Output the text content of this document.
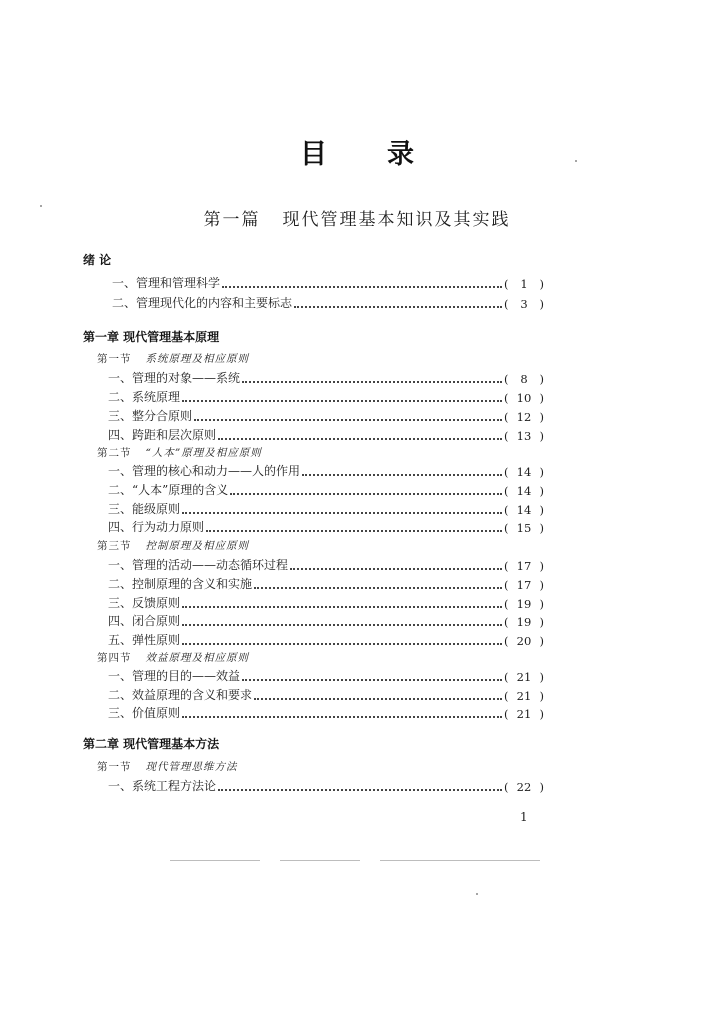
目 录
第一篇 现代管理基本知识及其实践
绪 论
一、管理和管理科学	( 1 )
二、管理现代化的内容和主要标志	( 3 )
第一章 现代管理基本原理
第一节 系统原理及相应原则
一、管理的对象——系统	( 8 )
二、系统原理	( 10 )
三、整分合原则	( 12 )
四、跨距和层次原则	( 13 )
第二节 “人本”原理及相应原则
一、管理的核心和动力——人的作用	( 14 )
二、“人本”原理的含义	( 14 )
三、能级原则	( 14 )
四、行为动力原则	( 15 )
第三节 控制原理及相应原则
一、管理的活动——动态循环过程	( 17 )
二、控制原理的含义和实施	( 17 )
三、反馈原则	( 19 )
四、闭合原则	( 19 )
五、弹性原则	( 20 )
第四节 效益原理及相应原则
一、管理的目的——效益	( 21 )
二、效益原理的含义和要求	( 21 )
三、价值原则	( 21 )
第二章 现代管理基本方法
第一节 现代管理思维方法
一、系统工程方法论	( 22 )
1
